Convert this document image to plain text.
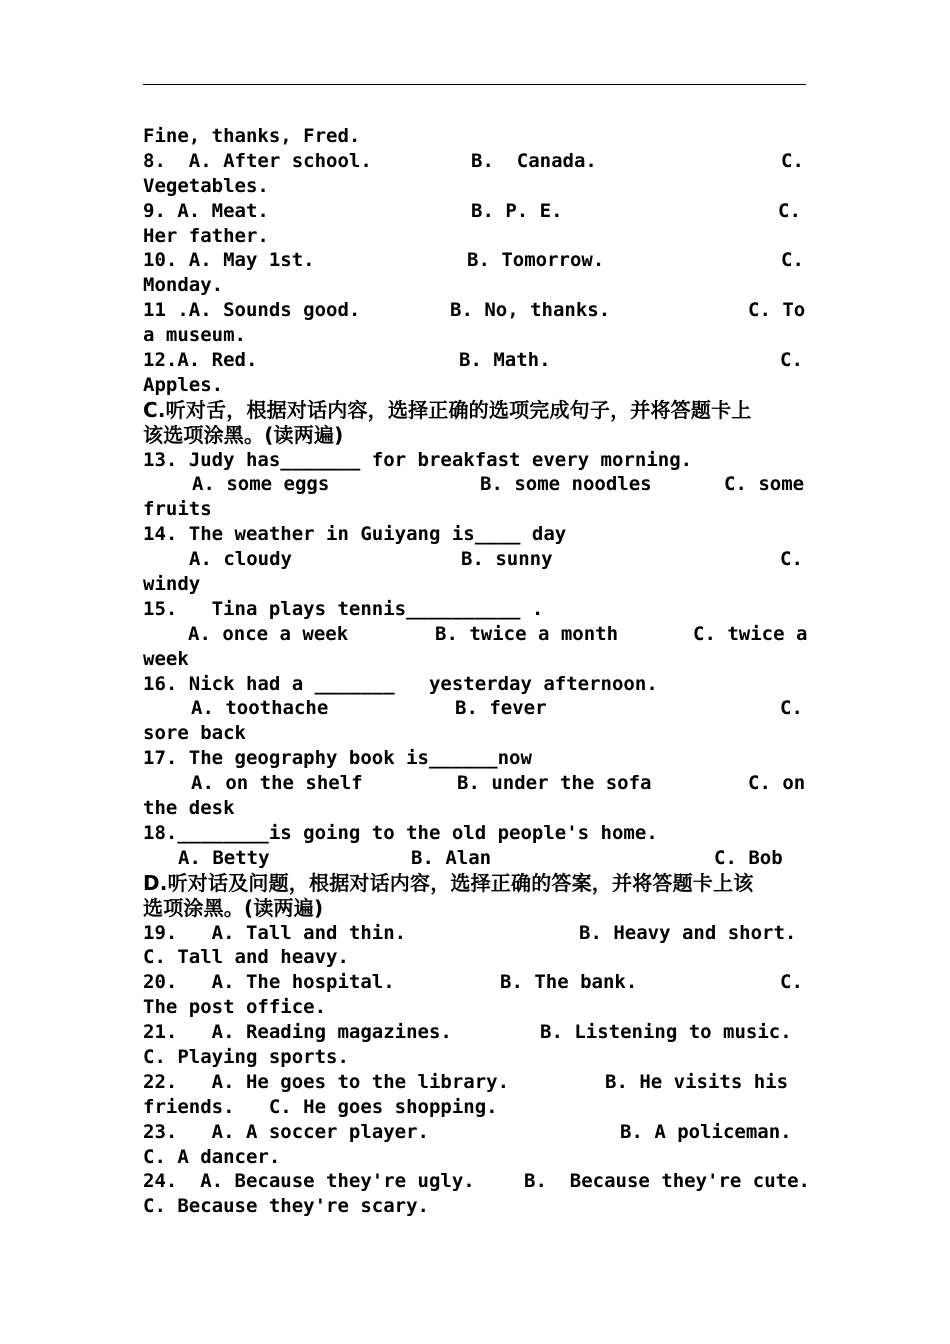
Fine, thanks, Fred.

8.  A. After school.

	B.  Canada.

	C.

Vegetables.

9. A. Meat.

	B. P. E.

	C.

Her father.

10. A. May 1st.

	B. Tomorrow.

	C.

Monday.

11 .A. Sounds good.

	B. No, thanks.

	C. To

a museum.

12.A. Red.

	B. Math.

	C.

Apples.
C.听对舌，根据对话内容，选择正确的选项完成句子，并将答题卡上
该选项涂黑。(读两遍)
13. Judy has_______ for breakfast every morning.

A. some eggs

	B. some noodles

	C. some

fruits
14. The weather in Guiyang is____ day

A. cloudy

	B. sunny

	C.

windy
15.   Tina plays tennis__________ .

A. once a week

	B. twice a month

	C. twice a

week
16. Nick had a _______   yesterday afternoon.

A. toothache

	B. fever

	C.

sore back
17. The geography book is______now

A. on the shelf

	B. under the sofa

	C. on

the desk
18.________is going to the old people's home.

A. Betty

	B. Alan

	C. Bob

D.听对话及问题，根据对话内容，选择正确的答案，并将答题卡上该
选项涂黑。(读两遍)

19.   A. Tall and thin.

	B. Heavy and short.

C. Tall and heavy.

20.   A. The hospital.

	B. The bank.

	C.

The post office.

21.   A. Reading magazines.

	B. Listening to music.

C. Playing sports.

22.   A. He goes to the library.

	B. He visits his

friends.   C. He goes shopping.

23.   A. A soccer player.

	B. A policeman.

C. A dancer.

24.  A. Because they're ugly.

	B.  Because they're cute.

C. Because they're scary.
